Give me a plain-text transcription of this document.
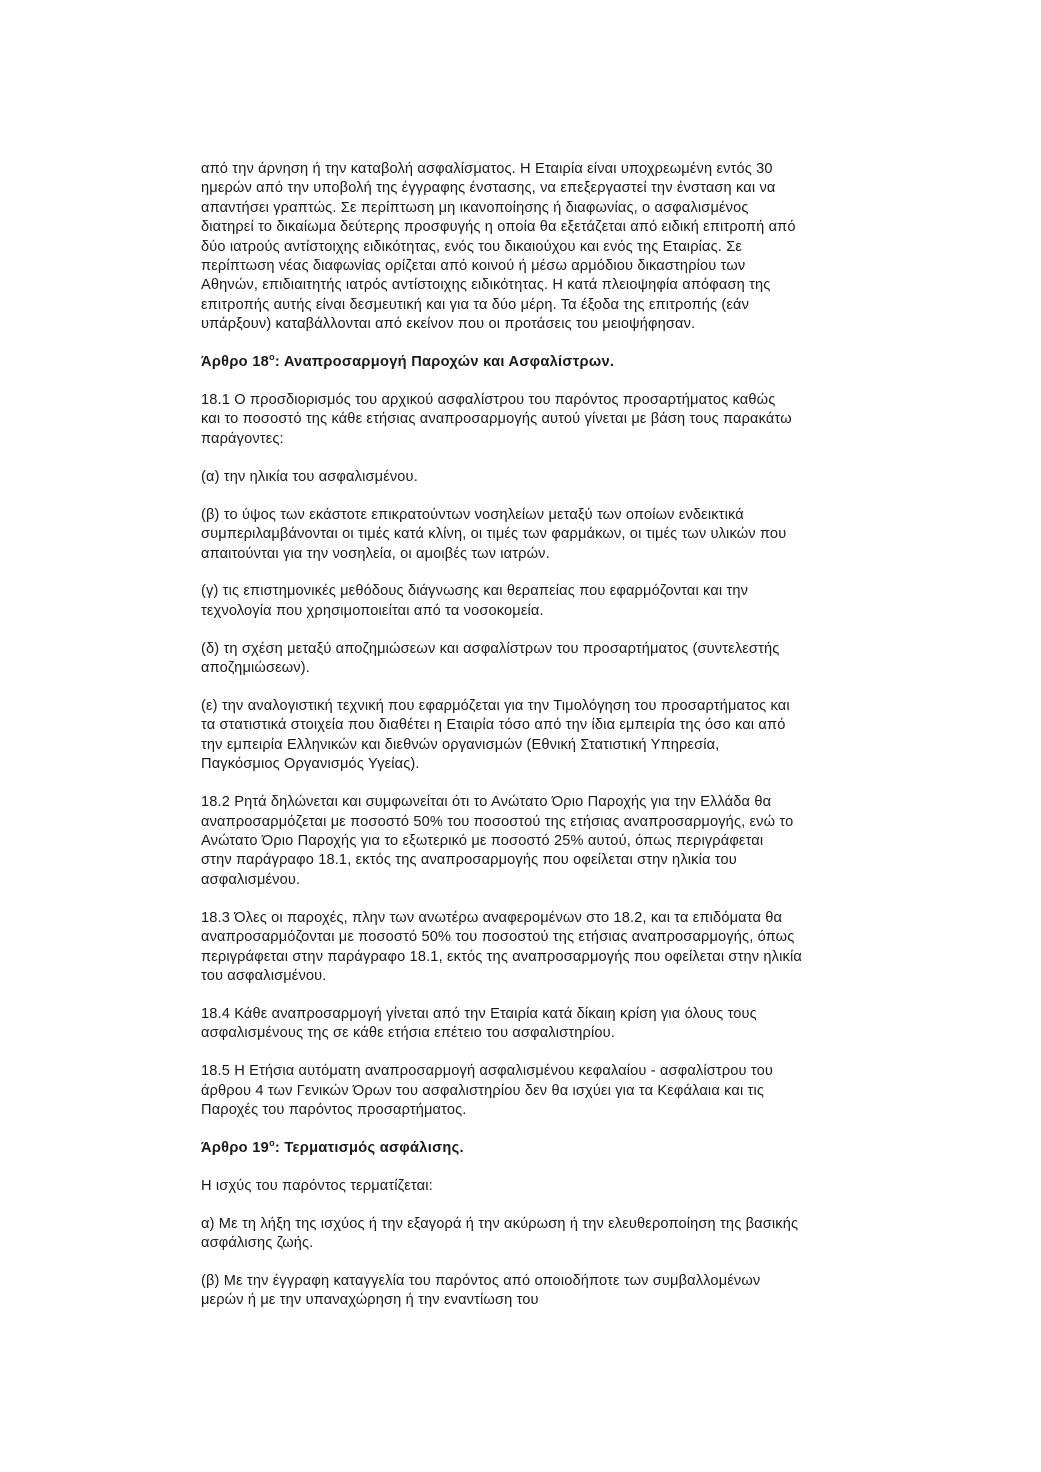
από την άρνηση ή την καταβολή ασφαλίσματος. Η Εταιρία είναι υποχρεωμένη εντός 30
ημερών από την υποβολή της έγγραφης ένστασης, να επεξεργαστεί την ένσταση και να
απαντήσει γραπτώς. Σε περίπτωση μη ικανοποίησης ή διαφωνίας, ο ασφαλισμένος
διατηρεί το δικαίωμα δεύτερης προσφυγής η οποία θα εξετάζεται από ειδική επιτροπή από
δύο ιατρούς αντίστοιχης ειδικότητας, ενός του δικαιούχου και ενός της Εταιρίας. Σε
περίπτωση νέας διαφωνίας ορίζεται από κοινού ή μέσω αρμόδιου δικαστηρίου των
Αθηνών, επιδιαιτητής ιατρός αντίστοιχης ειδικότητας. Η κατά πλειοψηφία απόφαση της
επιτροπής αυτής είναι δεσμευτική και για τα δύο μέρη. Τα έξοδα της επιτροπής (εάν
υπάρξουν) καταβάλλονται από εκείνον που οι προτάσεις του μειοψήφησαν.

Άρθρο $18^o$: Αναπροσαρμογή Παροχών και Ασφαλίστρων.

18.1 Ο προσδιορισμός του αρχικού ασφαλίστρου του παρόντος προσαρτήματος καθώς
και το ποσοστό της κάθε ετήσιας αναπροσαρμογής αυτού γίνεται με βάση τους παρακάτω
παράγοντες:

(α) την ηλικία του ασφαλισμένου.

(β) το ύψος των εκάστοτε επικρατούντων νοσηλείων μεταξύ των οποίων ενδεικτικά
συμπεριλαμβάνονται οι τιμές κατά κλίνη, οι τιμές των φαρμάκων, οι τιμές των υλικών που
απαιτούνται για την νοσηλεία, οι αμοιβές των ιατρών.

(γ) τις επιστημονικές μεθόδους διάγνωσης και θεραπείας που εφαρμόζονται και την
τεχνολογία που χρησιμοποιείται από τα νοσοκομεία.

(δ) τη σχέση μεταξύ αποζημιώσεων και ασφαλίστρων του προσαρτήματος (συντελεστής
αποζημιώσεων).

(ε) την αναλογιστική τεχνική που εφαρμόζεται για την Τιμολόγηση του προσαρτήματος και
τα στατιστικά στοιχεία που διαθέτει η Εταιρία τόσο από την ίδια εμπειρία της όσο και από
την εμπειρία Ελληνικών και διεθνών οργανισμών (Εθνική Στατιστική Υπηρεσία,
Παγκόσμιος Οργανισμός Υγείας).

18.2 Ρητά δηλώνεται και συμφωνείται ότι το Ανώτατο Όριο Παροχής για την Ελλάδα θα
αναπροσαρμόζεται με ποσοστό 50% του ποσοστού της ετήσιας αναπροσαρμογής, ενώ το
Ανώτατο Όριο Παροχής για το εξωτερικό με ποσοστό 25% αυτού, όπως περιγράφεται
στην παράγραφο 18.1, εκτός της αναπροσαρμογής που οφείλεται στην ηλικία του
ασφαλισμένου.

18.3 Όλες οι παροχές, πλην των ανωτέρω αναφερομένων στο 18.2, και τα επιδόματα θα
αναπροσαρμόζονται με ποσοστό 50% του ποσοστού της ετήσιας αναπροσαρμογής, όπως
περιγράφεται στην παράγραφο 18.1, εκτός της αναπροσαρμογής που οφείλεται στην ηλικία
του ασφαλισμένου.

18.4 Κάθε αναπροσαρμογή γίνεται από την Εταιρία κατά δίκαιη κρίση για όλους τους
ασφαλισμένους της σε κάθε ετήσια επέτειο του ασφαλιστηρίου.

18.5 Η Ετήσια αυτόματη αναπροσαρμογή ασφαλισμένου κεφαλαίου - ασφαλίστρου του
άρθρου 4 των Γενικών Όρων του ασφαλιστηρίου δεν θα ισχύει για τα Κεφάλαια και τις
Παροχές του παρόντος προσαρτήματος.

Άρθρο $19^o$: Τερματισμός ασφάλισης.

Η ισχύς του παρόντος τερματίζεται:

α) Με τη λήξη της ισχύος ή την εξαγορά ή την ακύρωση ή την ελευθεροποίηση της βασικής
ασφάλισης ζωής.

(β) Με την έγγραφη καταγγελία του παρόντος από οποιοδήποτε των συμβαλλομένων
μερών ή με την υπαναχώρηση ή την εναντίωση του
